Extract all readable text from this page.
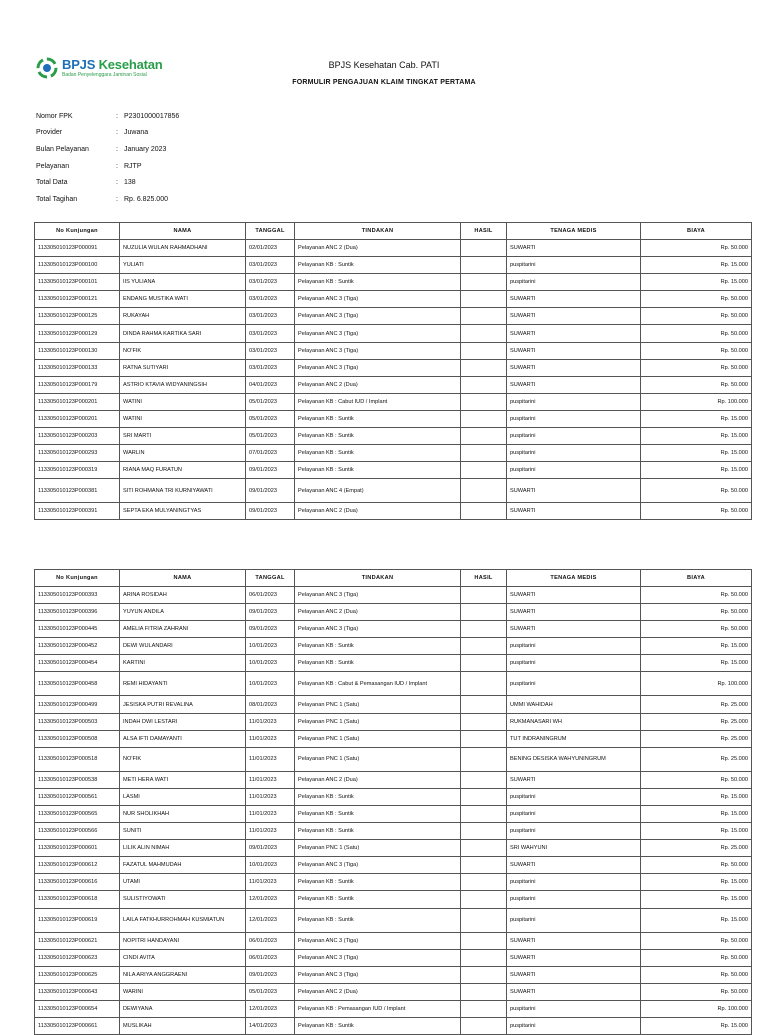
BPJS Kesehatan
Badan Penyelenggara Jaminan Sosial
BPJS Kesehatan Cab. PATI
FORMULIR PENGAJUAN KLAIM TINGKAT PERTAMA
Nomor FPK	: P2301000017856
Provider	: Juwana
Bulan Pelayanan	: January 2023
Pelayanan	: RJTP
Total Data	: 138
Total Tagihan	: Rp. 6.825.000
No Kunjungan	NAMA	TANGGAL	TINDAKAN	HASIL	TENAGA MEDIS	BIAYA
113305010123P000091	NUZULIA WULAN RAHMADHANI	02/01/2023	Pelayanan ANC 2 (Dua)		SUWARTI	Rp. 50.000
113305010123P000100	YULIATI	03/01/2023	Pelayanan KB : Suntik		puspitarini	Rp. 15.000
113305010123P000101	IIS YULIANA	03/01/2023	Pelayanan KB : Suntik		puspitarini	Rp. 15.000
113305010123P000121	ENDANG MUSTIKA WATI	03/01/2023	Pelayanan ANC 3 (Tiga)		SUWARTI	Rp. 50.000
113305010123P000125	RUKAYAH	03/01/2023	Pelayanan ANC 3 (Tiga)		SUWARTI	Rp. 50.000
113305010123P000129	DINDA RAHMA KARTIKA SARI	03/01/2023	Pelayanan ANC 3 (Tiga)		SUWARTI	Rp. 50.000
113305010123P000130	NO'FIK	03/01/2023	Pelayanan ANC 3 (Tiga)		SUWARTI	Rp. 50.000
113305010123P000133	RATNA SUTIYARI	03/01/2023	Pelayanan ANC 3 (Tiga)		SUWARTI	Rp. 50.000
113305010123P000179	ASTRIO KTAVIA WIDYANINGSIH	04/01/2023	Pelayanan ANC 2 (Dua)		SUWARTI	Rp. 50.000
113305010123P000201	WATINI	05/01/2023	Pelayanan KB : Cabut IUD / Implant		puspitarini	Rp. 100.000
113305010123P000201	WATINI	05/01/2023	Pelayanan KB : Suntik		puspitarini	Rp. 15.000
113305010123P000203	SRI MARTI	05/01/2023	Pelayanan KB : Suntik		puspitarini	Rp. 15.000
113305010123P000293	WARLIN	07/01/2023	Pelayanan KB : Suntik		puspitarini	Rp. 15.000
113305010123P000319	RIANA MAQ FURATUN	09/01/2023	Pelayanan KB : Suntik		puspitarini	Rp. 15.000
113305010123P000381	SITI ROHMANA TRI KURNIYAWATI	09/01/2023	Pelayanan ANC 4 (Empat)		SUWARTI	Rp. 50.000
113305010123P000391	SEPTA EKA MULYANINGTYAS	09/01/2023	Pelayanan ANC 2 (Dua)		SUWARTI	Rp. 50.000
No Kunjungan	NAMA	TANGGAL	TINDAKAN	HASIL	TENAGA MEDIS	BIAYA
113305010123P000393	ARINA ROSIDAH	06/01/2023	Pelayanan ANC 3 (Tiga)		SUWARTI	Rp. 50.000
113305010123P000396	YUYUN ANDILA	09/01/2023	Pelayanan ANC 2 (Dua)		SUWARTI	Rp. 50.000
113305010123P000445	AMELIA FITRIA ZAHRANI	09/01/2023	Pelayanan ANC 3 (Tiga)		SUWARTI	Rp. 50.000
113305010123P000452	DEWI WULANDARI	10/01/2023	Pelayanan KB : Suntik		puspitarini	Rp. 15.000
113305010123P000454	KARTINI	10/01/2023	Pelayanan KB : Suntik		puspitarini	Rp. 15.000
113305010123P000458	REMI HIDAYANTI	10/01/2023	Pelayanan KB : Cabut & Pemasangan IUD / Implant		puspitarini	Rp. 100.000
113305010123P000499	JESISKA PUTRI REVALINA	08/01/2023	Pelayanan PNC 1 (Satu)		UMMI WAHIDAH	Rp. 25.000
113305010123P000503	INDAH DWI LESTARI	11/01/2023	Pelayanan PNC 1 (Satu)		RUKMANASARI WH	Rp. 25.000
113305010123P000508	ALSA IFTI DAMAYANTI	11/01/2023	Pelayanan PNC 1 (Satu)		TUT INDRANINGRUM	Rp. 25.000
113305010123P000518	NO'FIK	11/01/2023	Pelayanan PNC 1 (Satu)		BENING DESISKA WAHYUNINGRUM	Rp. 25.000
113305010123P000538	METI HERA WATI	11/01/2023	Pelayanan ANC 2 (Dua)		SUWARTI	Rp. 50.000
113305010123P000561	LASMI	11/01/2023	Pelayanan KB : Suntik		puspitarini	Rp. 15.000
113305010123P000565	NUR SHOLIKHAH	11/01/2023	Pelayanan KB : Suntik		puspitarini	Rp. 15.000
113305010123P000566	SUNITI	11/01/2023	Pelayanan KB : Suntik		puspitarini	Rp. 15.000
113305010123P000601	LILIK ALIN NIMAH	09/01/2023	Pelayanan PNC 1 (Satu)		SRI WAHYUNI	Rp. 25.000
113305010123P000612	FAZATUL MAHMUDAH	10/01/2023	Pelayanan ANC 3 (Tiga)		SUWARTI	Rp. 50.000
113305010123P000616	UTAMI	11/01/2023	Pelayanan KB : Suntik		puspitarini	Rp. 15.000
113305010123P000618	SULISTIYOWATI	12/01/2023	Pelayanan KB : Suntik		puspitarini	Rp. 15.000
113305010123P000619	LAILA FATKHURROHMAH KUSMIATUN	12/01/2023	Pelayanan KB : Suntik		puspitarini	Rp. 15.000
113305010123P000621	NOPITRI HANDAYANI	06/01/2023	Pelayanan ANC 3 (Tiga)		SUWARTI	Rp. 50.000
113305010123P000623	CINDI AVITA	06/01/2023	Pelayanan ANC 3 (Tiga)		SUWARTI	Rp. 50.000
113305010123P000625	NILA ARIYA ANGGRAENI	09/01/2023	Pelayanan ANC 3 (Tiga)		SUWARTI	Rp. 50.000
113305010123P000643	WARINI	05/01/2023	Pelayanan ANC 2 (Dua)		SUWARTI	Rp. 50.000
113305010123P000654	DEWIYANA	12/01/2023	Pelayanan KB : Pemasangan IUD / Implant		puspitarini	Rp. 100.000
113305010123P000661	MUSLIKAH	14/01/2023	Pelayanan KB : Suntik		puspitarini	Rp. 15.000
